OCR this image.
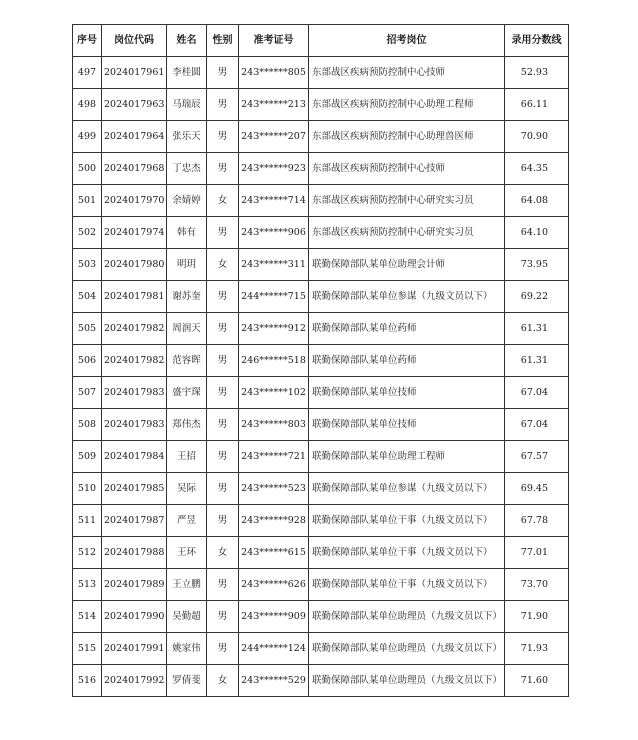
序号	岗位代码	姓名	性别	准考证号	招考岗位	录用分数线
497	2024017961	李桂圆	男	243******805	东部战区疾病预防控制中心技师	52.93
498	2024017963	马瑞辰	男	243******213	东部战区疾病预防控制中心助理工程师	66.11
499	2024017964	张乐天	男	243******207	东部战区疾病预防控制中心助理兽医师	70.90
500	2024017968	丁忠杰	男	243******923	东部战区疾病预防控制中心技师	64.35
501	2024017970	余婧婷	女	243******714	东部战区疾病预防控制中心研究实习员	64.08
502	2024017974	韩有	男	243******906	东部战区疾病预防控制中心研究实习员	64.10
503	2024017980	明玥	女	243******311	联勤保障部队某单位助理会计师	73.95
504	2024017981	谢苏奎	男	244******715	联勤保障部队某单位参谋（九级文员以下）	69.22
505	2024017982	周润天	男	243******912	联勤保障部队某单位药师	61.31
506	2024017982	范容晖	男	246******518	联勤保障部队某单位药师	61.31
507	2024017983	盛宇琛	男	243******102	联勤保障部队某单位技师	67.04
508	2024017983	郑伟杰	男	243******803	联勤保障部队某单位技师	67.04
509	2024017984	王招	男	243******721	联勤保障部队某单位助理工程师	67.57
510	2024017985	吴际	男	243******523	联勤保障部队某单位参谋（九级文员以下）	69.45
511	2024017987	严昱	男	243******928	联勤保障部队某单位干事（九级文员以下）	67.78
512	2024017988	王环	女	243******615	联勤保障部队某单位干事（九级文员以下）	77.01
513	2024017989	王立鹏	男	243******626	联勤保障部队某单位干事（九级文员以下）	73.70
514	2024017990	吴勤超	男	243******909	联勤保障部队某单位助理员（九级文员以下）	71.90
515	2024017991	姚家伟	男	244******124	联勤保障部队某单位助理员（九级文员以下）	71.93
516	2024017992	罗倩斐	女	243******529	联勤保障部队某单位助理员（九级文员以下）	71.60
